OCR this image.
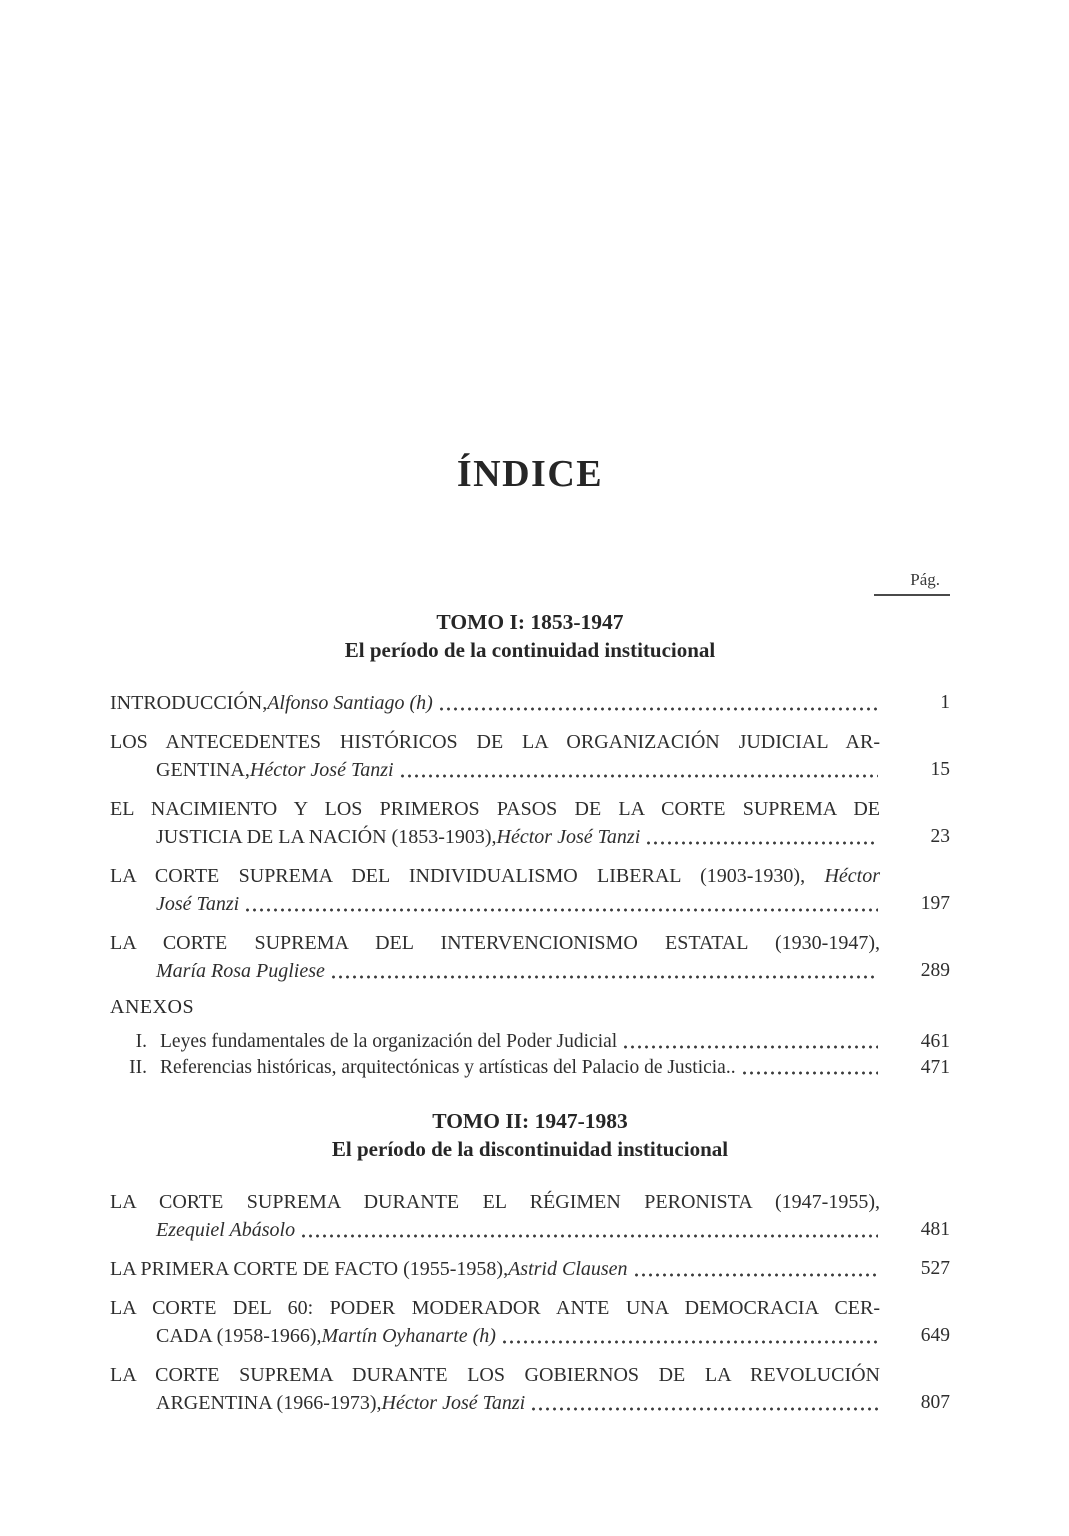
ÍNDICE
Pág.
TOMO I: 1853-1947
El período de la continuidad institucional
INTRODUCCIÓN, Alfonso Santiago (h)	1
LOS ANTECEDENTES HISTÓRICOS DE LA ORGANIZACIÓN JUDICIAL AR-
GENTINA, Héctor José Tanzi	15
EL NACIMIENTO Y LOS PRIMEROS PASOS DE LA CORTE SUPREMA DE
JUSTICIA DE LA NACIÓN (1853-1903), Héctor José Tanzi	23
LA CORTE SUPREMA DEL INDIVIDUALISMO LIBERAL (1903-1930), Héctor
José Tanzi	197
LA CORTE SUPREMA DEL INTERVENCIONISMO ESTATAL (1930-1947),
María Rosa Pugliese	289
ANEXOS
I. Leyes fundamentales de la organización del Poder Judicial	461
II. Referencias históricas, arquitectónicas y artísticas del Palacio de Justicia..	471
TOMO II: 1947-1983
El período de la discontinuidad institucional
LA CORTE SUPREMA DURANTE EL RÉGIMEN PERONISTA (1947-1955),
Ezequiel Abásolo	481
LA PRIMERA CORTE DE FACTO (1955-1958), Astrid Clausen	527
LA CORTE DEL 60: PODER MODERADOR ANTE UNA DEMOCRACIA CER-
CADA (1958-1966), Martín Oyhanarte (h)	649
LA CORTE SUPREMA DURANTE LOS GOBIERNOS DE LA REVOLUCIÓN
ARGENTINA (1966-1973), Héctor José Tanzi	807
